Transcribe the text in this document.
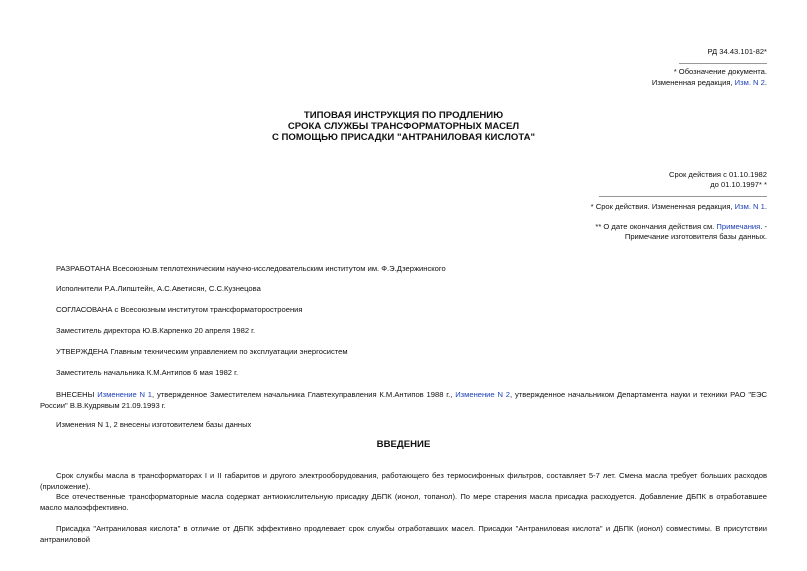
РД 34.43.101-82*
* Обозначение документа.
Измененная редакция, Изм. N 2.
ТИПОВАЯ ИНСТРУКЦИЯ ПО ПРОДЛЕНИЮ
СРОКА СЛУЖБЫ ТРАНСФОРМАТОРНЫХ МАСЕЛ
С ПОМОЩЬЮ ПРИСАДКИ "АНТРАНИЛОВАЯ КИСЛОТА"
Срок действия с 01.10.1982
до 01.10.1997* *
* Срок действия. Измененная редакция, Изм. N 1.
** О дате окончания действия см. Примечания. -
Примечание изготовителя базы данных.
РАЗРАБОТАНА Всесоюзным теплотехническим научно-исследовательским институтом им. Ф.Э.Дзержинского
Исполнители Р.А.Липштейн, А.С.Аветисян, С.С.Кузнецова
СОГЛАСОВАНА с Всесоюзным институтом трансформаторостроения
Заместитель директора Ю.В.Карпенко 20 апреля 1982 г.
УТВЕРЖДЕНА Главным техническим управлением по эксплуатации энергосистем
Заместитель начальника К.М.Антипов 6 мая 1982 г.
ВНЕСЕНЫ Изменение N 1, утвержденное Заместителем начальника Главтехуправления К.М.Антипов 1988 г., Изменение N 2, утвержденное начальником Департамента науки и техники РАО "ЕЭС России" В.В.Кудрявым 21.09.1993 г.
Изменения N 1, 2 внесены изготовителем базы данных
ВВЕДЕНИЕ
Срок службы масла в трансформаторах I и II габаритов и другого электрооборудования, работающего без термосифонных фильтров, составляет 5-7 лет. Смена масла требует больших расходов (приложение).
Все отечественные трансформаторные масла содержат антиокислительную присадку ДБПК (ионол, топанол). По мере старения масла присадка расходуется. Добавление ДБПК в отработавшее масло малоэффективно.
Присадка "Антраниловая кислота" в отличие от ДБПК эффективно продлевает срок службы отработавших масел. Присадки "Антраниловая кислота" и ДБПК (ионол) совместимы. В присутствии антраниловой
